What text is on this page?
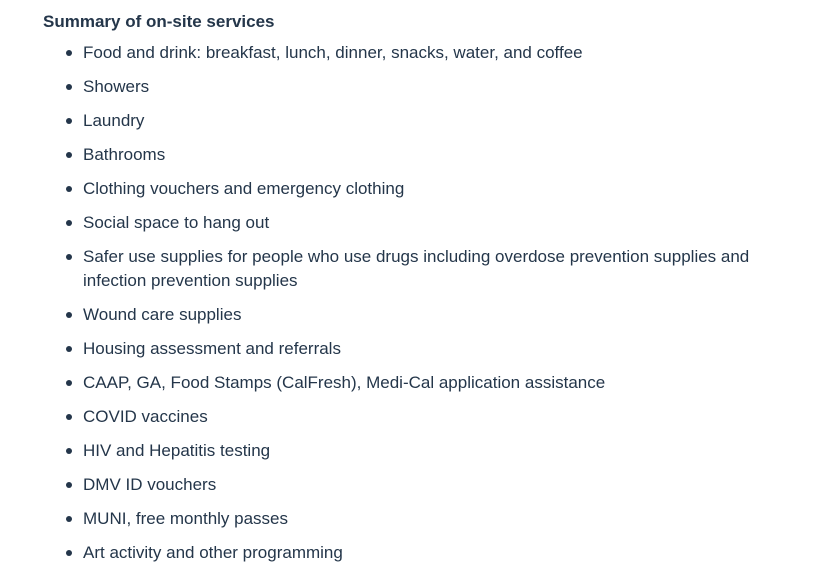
Summary of on-site services
Food and drink: breakfast, lunch, dinner, snacks, water, and coffee
Showers
Laundry
Bathrooms
Clothing vouchers and emergency clothing
Social space to hang out
Safer use supplies for people who use drugs including overdose prevention supplies and infection prevention supplies
Wound care supplies
Housing assessment and referrals
CAAP, GA, Food Stamps (CalFresh), Medi-Cal application assistance
COVID vaccines
HIV and Hepatitis testing
DMV ID vouchers
MUNI, free monthly passes
Art activity and other programming
